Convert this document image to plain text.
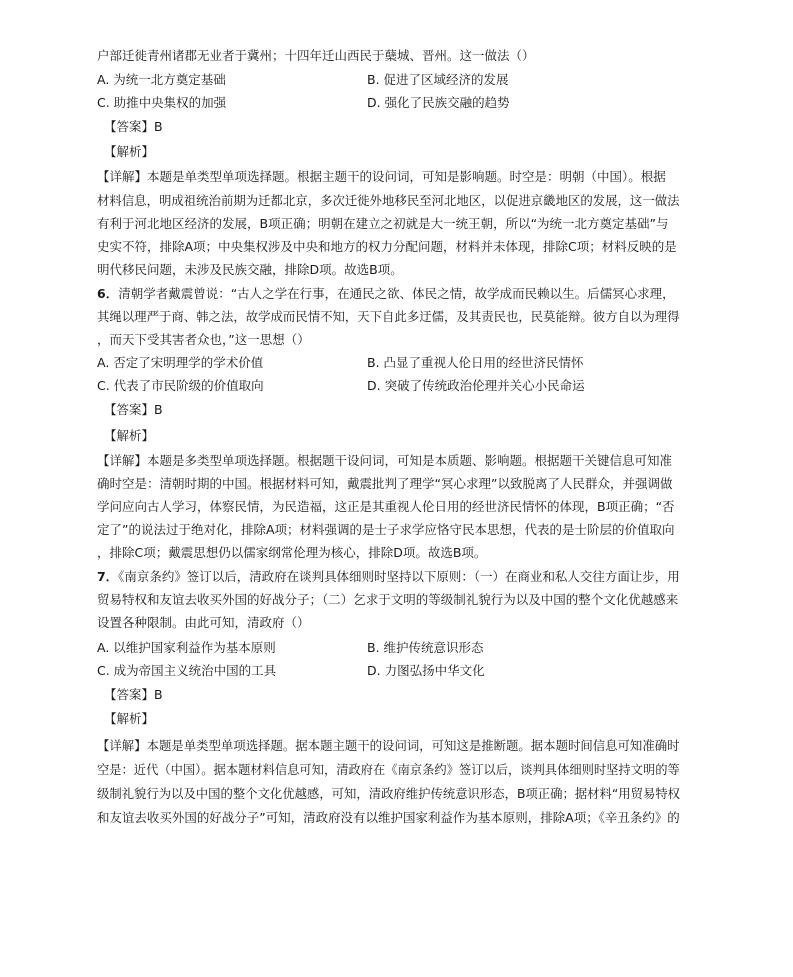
户部迁徙青州诸郡无业者于冀州；十四年迁山西民于蘖城、晋州。这一做法（）
A. 为统一北方奠定基础	B. 促进了区域经济的发展
C. 助推中央集权的加强	D. 强化了民族交融的趋势
【答案】B
【解析】
【详解】本题是单类型单项选择题。根据主题干的设问词，可知是影响题。时空是：明朝（中国）。根据
材料信息，明成祖统治前期为迁都北京，多次迁徙外地移民至河北地区，以促进京畿地区的发展，这一做法
有利于河北地区经济的发展，B项正确；明朝在建立之初就是大一统王朝，所以“为统一北方奠定基础”与
史实不符，排除A项；中央集权涉及中央和地方的权力分配问题，材料并未体现，排除C项；材料反映的是
明代移民问题，未涉及民族交融，排除D项。故选B项。
6．清朝学者戴震曾说：“古人之学在行事，在通民之欲、体民之情，故学成而民赖以生。后儒冥心求理，
其绳以理严于商、韩之法，故学成而民情不知，天下自此多迂儒，及其责民也，民莫能辩。彼方自以为理得
，而天下受其害者众也，”这一思想（）
A. 否定了宋明理学的学术价值	B. 凸显了重视人伦日用的经世济民情怀
C. 代表了市民阶级的价值取向	D. 突破了传统政治伦理并关心小民命运
【答案】B
【解析】
【详解】本题是多类型单项选择题。根据题干设问词，可知是本质题、影响题。根据题干关键信息可知准
确时空是：清朝时期的中国。根据材料可知，戴震批判了理学“冥心求理”以致脱离了人民群众，并强调做
学问应向古人学习，体察民情，为民造福，这正是其重视人伦日用的经世济民情怀的体现，B项正确；“否
定了”的说法过于绝对化，排除A项；材料强调的是士子求学应恪守民本思想，代表的是士阶层的价值取向
，排除C项；戴震思想仍以儒家纲常伦理为核心，排除D项。故选B项。
7．《南京条约》签订以后，清政府在谈判具体细则时坚持以下原则：（一）在商业和私人交往方面让步，用
贸易特权和友谊去收买外国的好战分子；（二）乞求于文明的等级制礼貌行为以及中国的整个文化优越感来
设置各种限制。由此可知，清政府（）
A. 以维护国家利益作为基本原则	B. 维护传统意识形态
C. 成为帝国主义统治中国的工具	D. 力图弘扬中华文化
【答案】B
【解析】
【详解】本题是单类型单项选择题。据本题主题干的设问词，可知这是推断题。据本题时间信息可知准确时
空是：近代（中国）。据本题材料信息可知，清政府在《南京条约》签订以后，谈判具体细则时坚持文明的等
级制礼貌行为以及中国的整个文化优越感，可知，清政府维护传统意识形态，B项正确；据材料“用贸易特权
和友谊去收买外国的好战分子”可知，清政府没有以维护国家利益作为基本原则，排除A项；《辛丑条约》的
